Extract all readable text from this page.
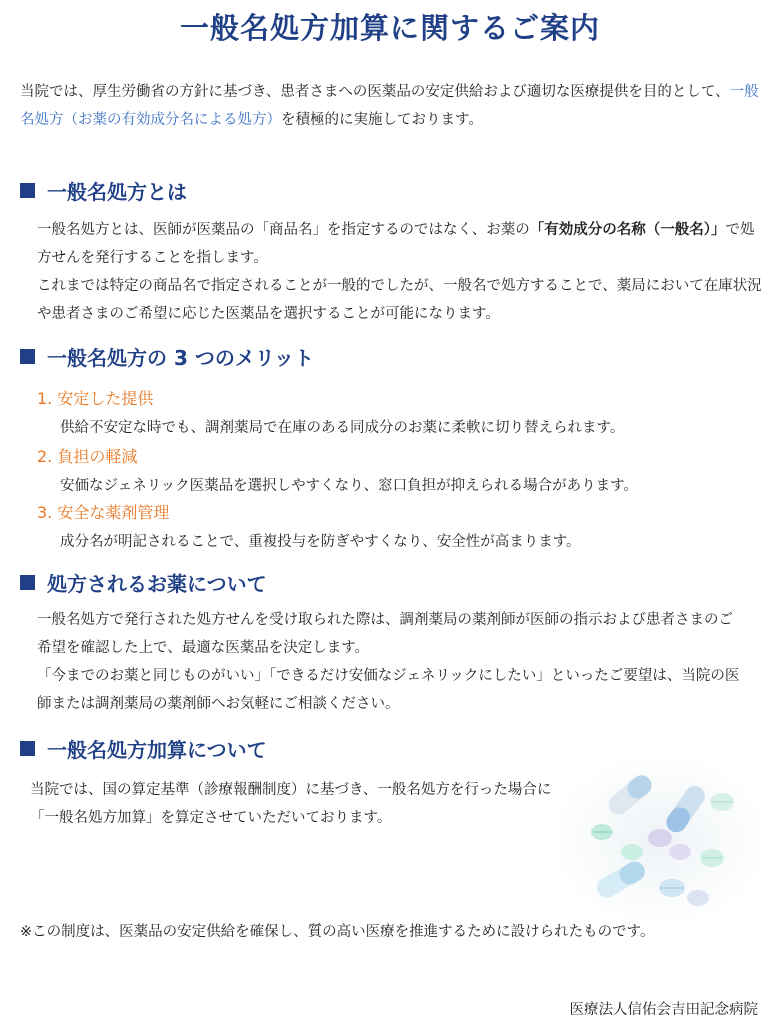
一般名処方加算に関するご案内
当院では、厚生労働省の方針に基づき、患者さまへの医薬品の安定供給および適切な医療提供を目的として、一般名処方（お薬の有効成分名による処方）を積極的に実施しております。
一般名処方とは

一般名処方とは、医師が医薬品の「商品名」を指定するのではなく、お薬の「有効成分の名称（一般名）」で処方せんを発行することを指します。

これまでは特定の商品名で指定されることが一般的でしたが、一般名で処方することで、薬局において在庫状況や患者さまのご希望に応じた医薬品を選択することが可能になります。

一般名処方の 3 つのメリット
1. 安定した提供
供給不安定な時でも、調剤薬局で在庫のある同成分のお薬に柔軟に切り替えられます。
2. 負担の軽減
安価なジェネリック医薬品を選択しやすくなり、窓口負担が抑えられる場合があります。
3. 安全な薬剤管理
成分名が明記されることで、重複投与を防ぎやすくなり、安全性が高まります。
処方されるお薬について

一般名処方で発行された処方せんを受け取られた際は、調剤薬局の薬剤師が医師の指示および患者さまのご希望を確認した上で、最適な医薬品を決定します。

「今までのお薬と同じものがいい」「できるだけ安価なジェネリックにしたい」といったご要望は、当院の医師または調剤薬局の薬剤師へお気軽にご相談ください。

一般名処方加算について

当院では、国の算定基準（診療報酬制度）に基づき、一般名処方を行った場合に「一般名処方加算」を算定させていただいております。

※この制度は、医薬品の安定供給を確保し、質の高い医療を推進するために設けられたものです。
医療法人信佑会吉田記念病院
